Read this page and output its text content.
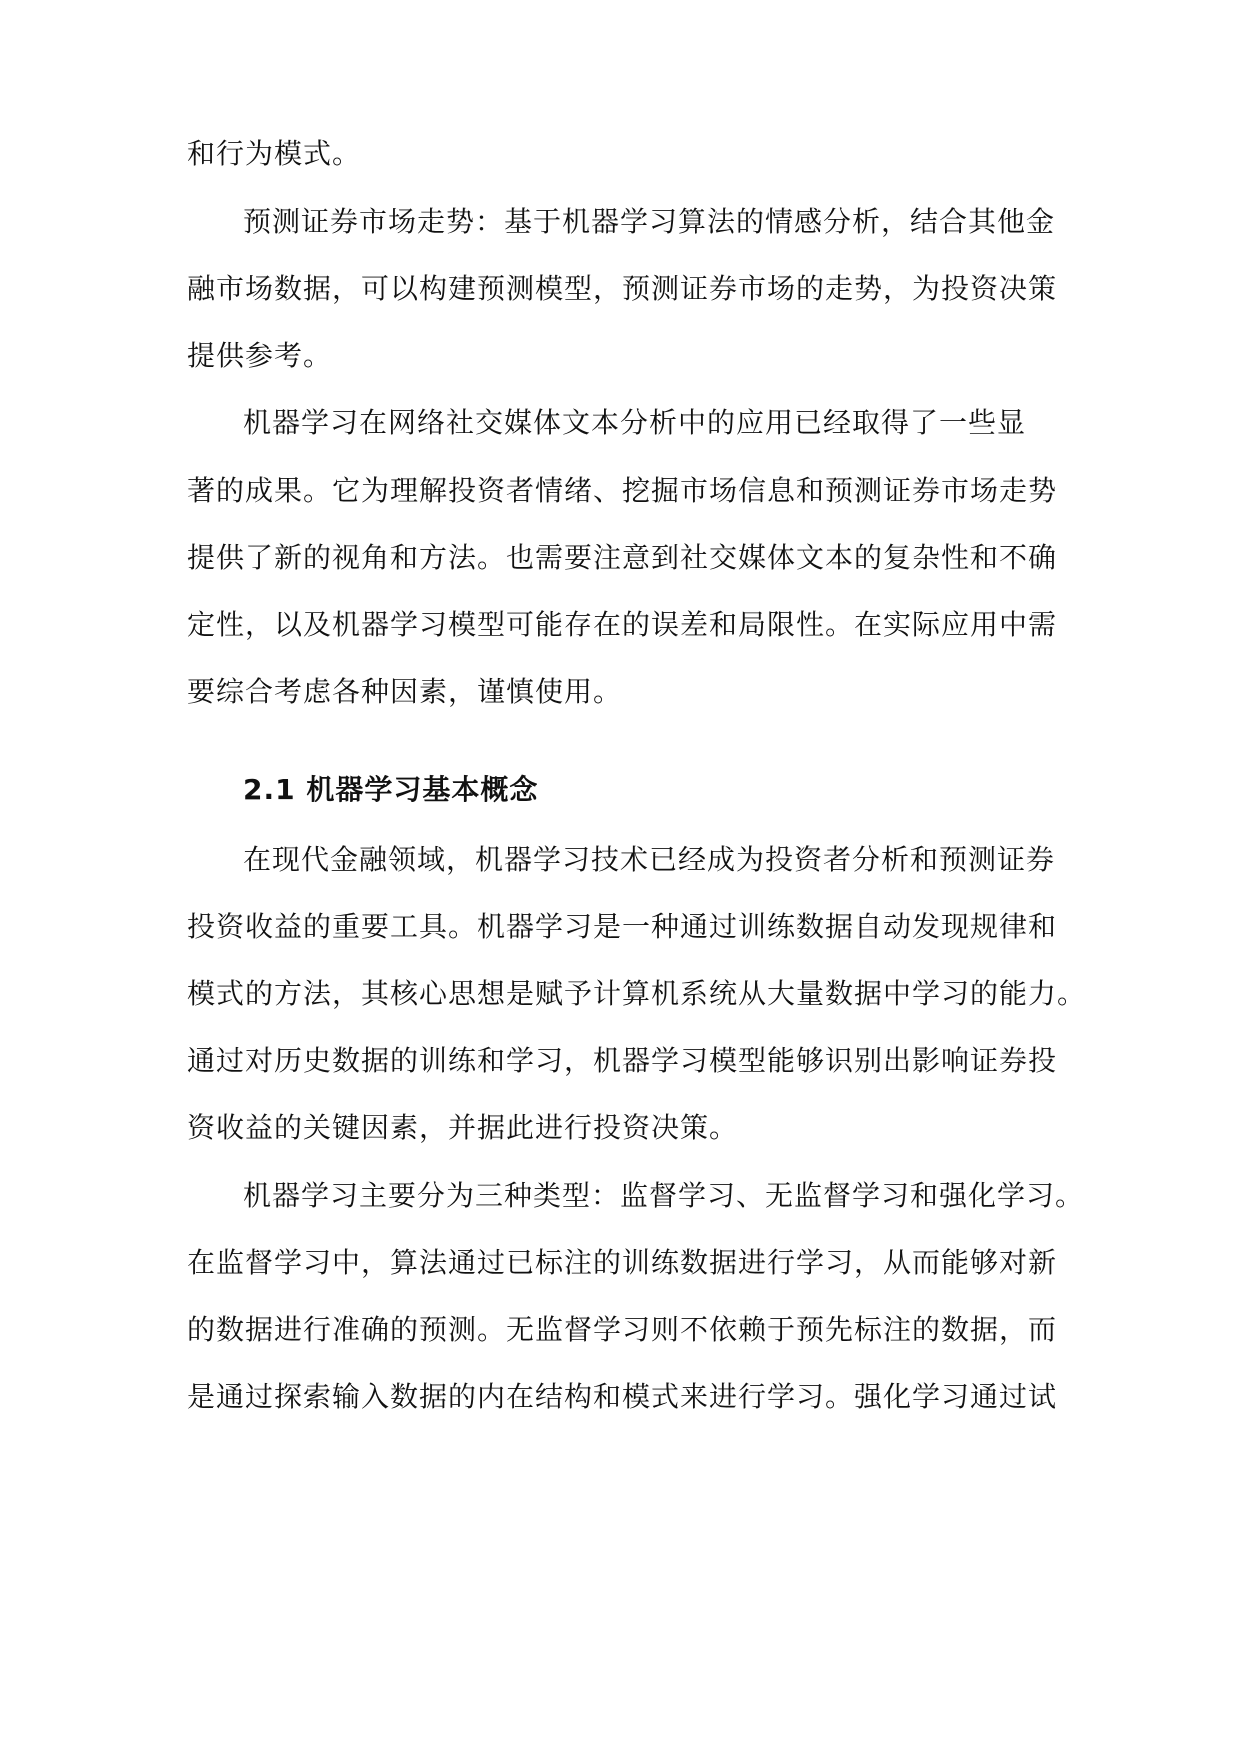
和行为模式。
预测证券市场走势：基于机器学习算法的情感分析，结合其他金
融市场数据，可以构建预测模型，预测证券市场的走势，为投资决策
提供参考。
机器学习在网络社交媒体文本分析中的应用已经取得了一些显
著的成果。它为理解投资者情绪、挖掘市场信息和预测证券市场走势
提供了新的视角和方法。也需要注意到社交媒体文本的复杂性和不确
定性，以及机器学习模型可能存在的误差和局限性。在实际应用中需
要综合考虑各种因素，谨慎使用。
2.1 机器学习基本概念
在现代金融领域，机器学习技术已经成为投资者分析和预测证券
投资收益的重要工具。机器学习是一种通过训练数据自动发现规律和
模式的方法，其核心思想是赋予计算机系统从大量数据中学习的能力。
通过对历史数据的训练和学习，机器学习模型能够识别出影响证券投
资收益的关键因素，并据此进行投资决策。
机器学习主要分为三种类型：监督学习、无监督学习和强化学习。
在监督学习中，算法通过已标注的训练数据进行学习，从而能够对新
的数据进行准确的预测。无监督学习则不依赖于预先标注的数据，而
是通过探索输入数据的内在结构和模式来进行学习。强化学习通过试
